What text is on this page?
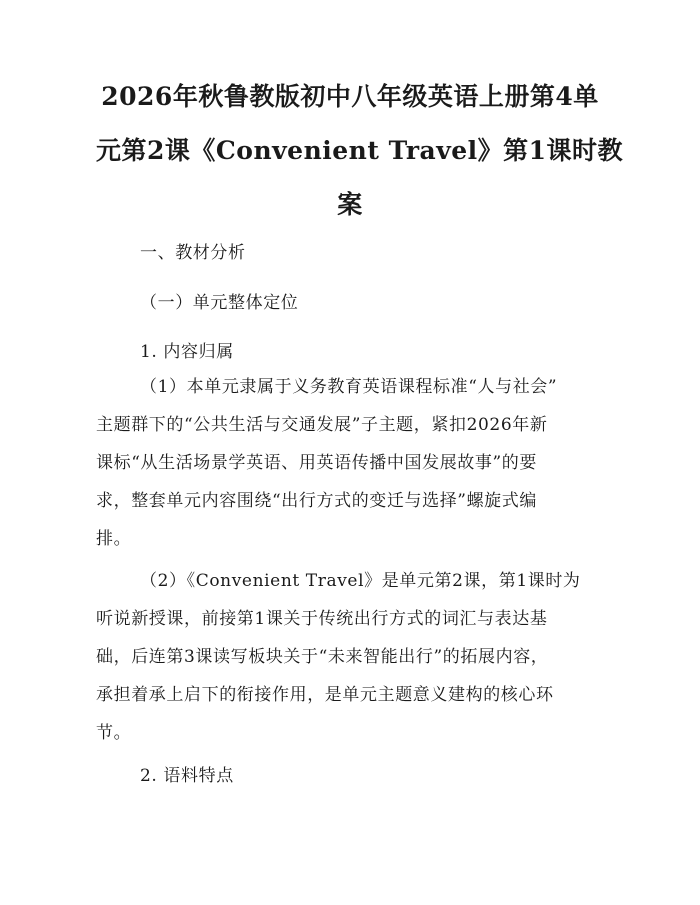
2026年秋鲁教版初中八年级英语上册第4单
元第2课《Convenient Travel》第1课时教
案
一、教材分析
（一）单元整体定位
1. 内容归属
（1）本单元隶属于义务教育英语课程标准“人与社会”
主题群下的“公共生活与交通发展”子主题，紧扣2026年新
课标“从生活场景学英语、用英语传播中国发展故事”的要
求，整套单元内容围绕“出行方式的变迁与选择”螺旋式编
排。
（2）《Convenient Travel》是单元第2课，第1课时为
听说新授课，前接第1课关于传统出行方式的词汇与表达基
础，后连第3课读写板块关于“未来智能出行”的拓展内容，
承担着承上启下的衔接作用，是单元主题意义建构的核心环
节。
2. 语料特点
